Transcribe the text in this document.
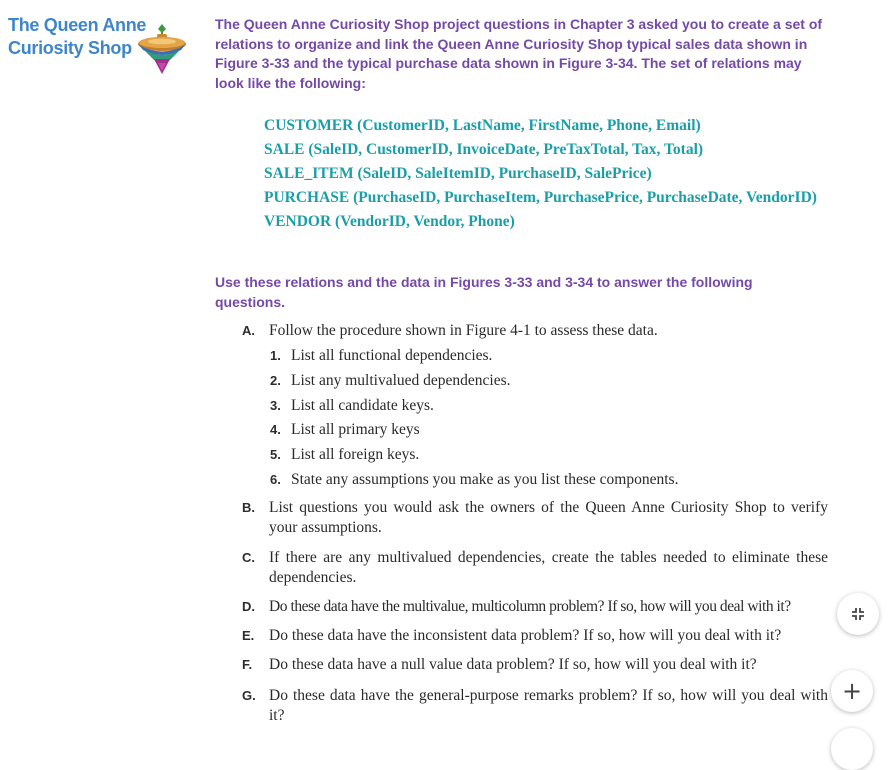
The Queen Anne
Curiosity Shop

The Queen Anne Curiosity Shop project questions in Chapter 3 asked you to create a set of relations to organize and link the Queen Anne Curiosity Shop typical sales data shown in Figure 3-33 and the typical purchase data shown in Figure 3-34. The set of relations may look like the following:

CUSTOMER (CustomerID, LastName, FirstName, Phone, Email)
SALE (SaleID, CustomerID, InvoiceDate, PreTaxTotal, Tax, Total)
SALE_ITEM (SaleID, SaleItemID, PurchaseID, SalePrice)
PURCHASE (PurchaseID, PurchaseItem, PurchasePrice, PurchaseDate, VendorID)
VENDOR (VendorID, Vendor, Phone)

Use these relations and the data in Figures 3-33 and 3-34 to answer the following questions.

A. Follow the procedure shown in Figure 4-1 to assess these data.
1. List all functional dependencies.
2. List any multivalued dependencies.
3. List all candidate keys.
4. List all primary keys
5. List all foreign keys.
6. State any assumptions you make as you list these components.
B. List questions you would ask the owners of the Queen Anne Curiosity Shop to verify your assumptions.
C. If there are any multivalued dependencies, create the tables needed to eliminate these dependencies.
D. Do these data have the multivalue, multicolumn problem? If so, how will you deal with it?
E. Do these data have the inconsistent data problem? If so, how will you deal with it?
F.	Do these data have a null value data problem? If so, how will you deal with it?
G. Do these data have the general-purpose remarks problem? If so, how will you deal with it?
+
